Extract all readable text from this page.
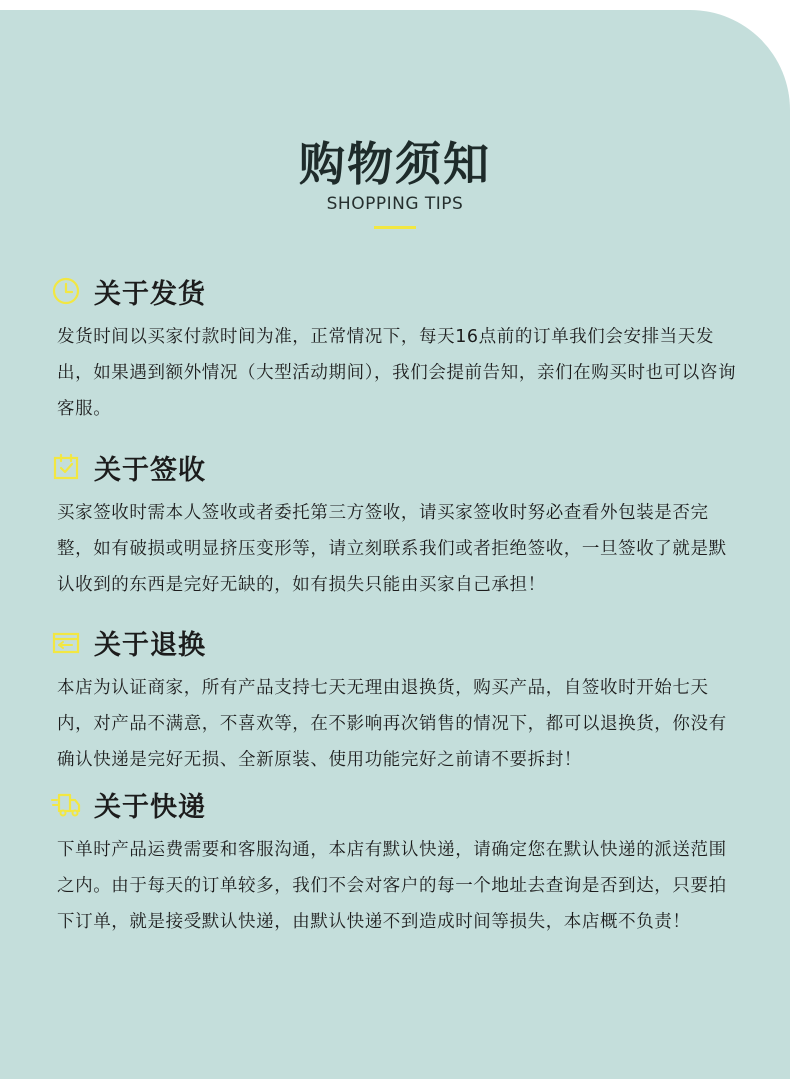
购物须知
SHOPPING TIPS
关于发货
发货时间以买家付款时间为准，正常情况下，每天16点前的订单我们会安排当天发出，如果遇到额外情况（大型活动期间），我们会提前告知，亲们在购买时也可以咨询客服。
关于签收
买家签收时需本人签收或者委托第三方签收，请买家签收时努必查看外包装是否完整，如有破损或明显挤压变形等，请立刻联系我们或者拒绝签收，一旦签收了就是默认收到的东西是完好无缺的，如有损失只能由买家自己承担！
关于退换
本店为认证商家，所有产品支持七天无理由退换货，购买产品，自签收时开始七天内，对产品不满意，不喜欢等，在不影响再次销售的情况下，都可以退换货，你没有确认快递是完好无损、全新原装、使用功能完好之前请不要拆封！
关于快递
下单时产品运费需要和客服沟通，本店有默认快递，请确定您在默认快递的派送范围之内。由于每天的订单较多，我们不会对客户的每一个地址去查询是否到达，只要拍下订单，就是接受默认快递，由默认快递不到造成时间等损失，本店概不负责！
